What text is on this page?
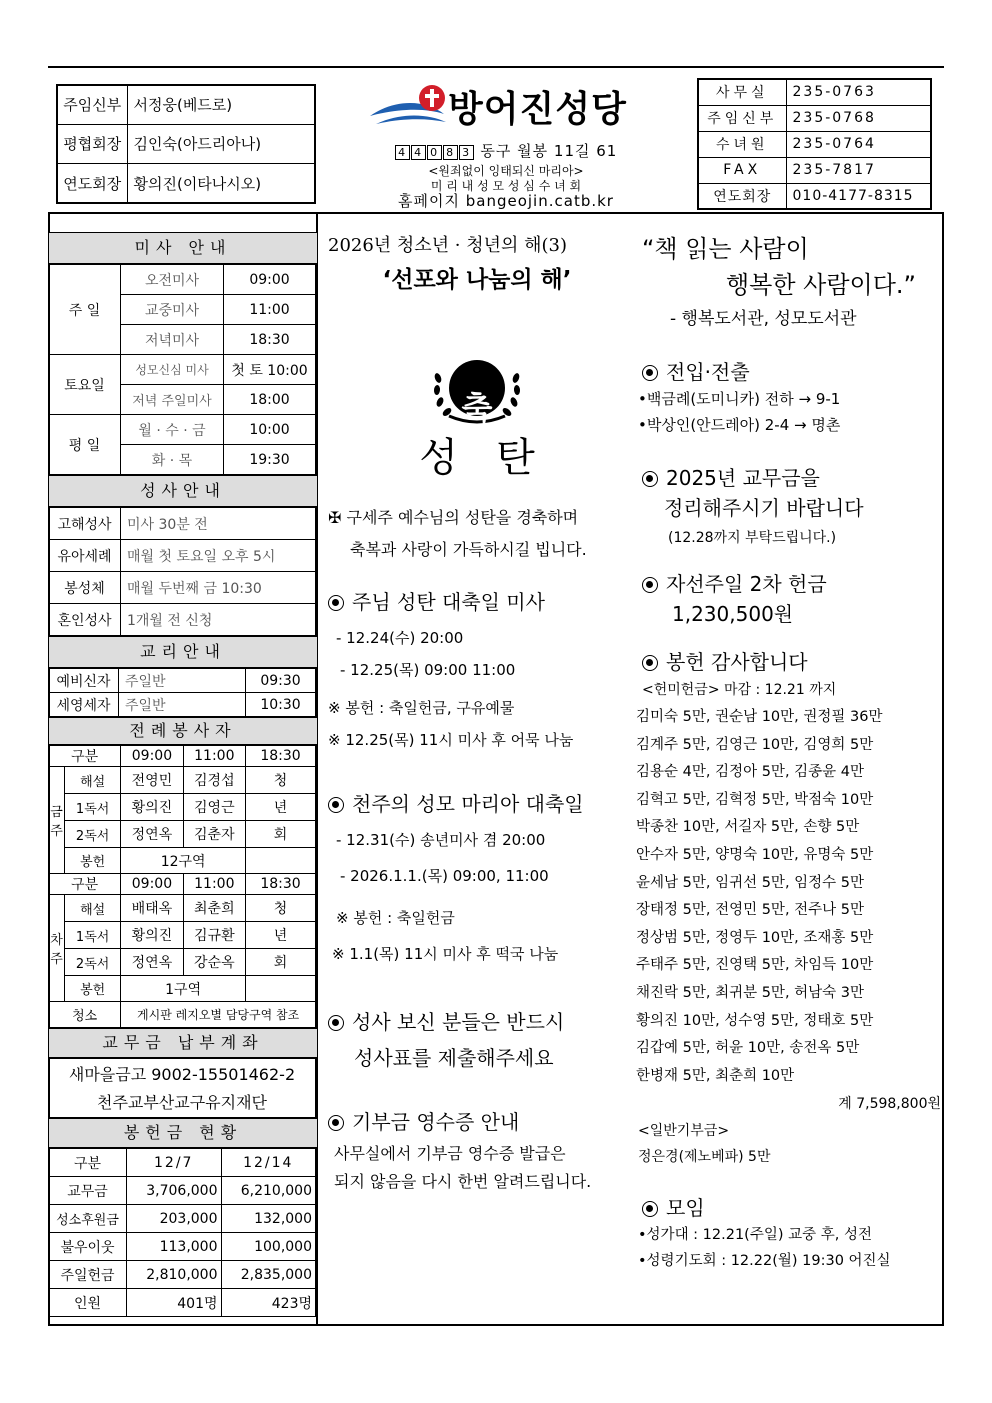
주임신부	서정웅(베드로)
평협회장	김인숙(아드리아나)
연도회장	황의진(이타나시오)
방어진성당
4 4 0 8 3 동구 월봉 11길 61
<원죄없이 잉태되신 마리아>
미 리 내 성 모 성 심 수 녀 회
홈페이지 bangeojin.catb.kr
사무실	235-0763
주임신부	235-0768
수녀원	235-0764
FAX	235-7817
연도회장	010-4177-8315
미사 안내
주 일	오전미사	09:00
	교중미사	11:00
	저녁미사	18:30
토요일	성모신심 미사	첫 토 10:00
	저녁 주일미사	18:00
평 일	월 · 수 · 금	10:00
	화 · 목	19:30
성사안내
고해성사	미사 30분 전
유아세례	매월 첫 토요일 오후 5시
봉성체	매월 두번째 금 10:30
혼인성사	1개월 전 신청
교리안내
예비신자	주일반	09:30
세영세자	주일반	10:30
전례봉사자
구분		09:00	11:00	18:30

금
주	해설	전영민	김경섭	청
	1독서	황의진	김영근	년
	2독서	정연옥	김춘자	회
	봉헌	12구역		
구분		09:00	11:00	18:30

차
주	해설	배태옥	최춘희	청
	1독서	황의진	김규환	년
	2독서	정연옥	강순옥	회
	봉헌	1구역		
청소		게시판 레지오별 담당구역 참조		
교무금 납부계좌
새마을금고 9002-15501462-2
천주교부산교구유지재단
봉헌금 현황
구분	12/7	12/14
교무금	3,706,000	6,210,000
성소후원금	203,000	132,000
불우이웃	113,000	100,000
주일헌금	2,810,000	2,835,000
인원	401명	423명
2026년 청소년 · 청년의 해(3)
‘선포와 나눔의 해’
축
성   탄
✠ 구세주 예수님의 성탄을 경축하며
축복과 사랑이 가득하시길 빕니다.
주님 성탄 대축일 미사
- 12.24(수) 20:00
- 12.25(목) 09:00 11:00
※ 봉헌 : 축일헌금, 구유예물
※ 12.25(목) 11시 미사 후 어묵 나눔
천주의 성모 마리아 대축일
- 12.31(수) 송년미사 겸 20:00
- 2026.1.1.(목) 09:00, 11:00
※ 봉헌 : 축일헌금
※ 1.1(목) 11시 미사 후 떡국 나눔
성사 보신 분들은 반드시
성사표를 제출해주세요
기부금 영수증 안내
사무실에서 기부금 영수증 발급은
되지 않음을 다시 한번 알려드립니다.
“책 읽는 사람이
행복한 사람이다.”
- 행복도서관, 성모도서관
전입·전출
•백금례(도미니카) 전하 → 9-1
•박상인(안드레아) 2-4 → 명촌
2025년 교무금을
정리해주시기 바랍니다
(12.28까지 부탁드립니다.)
자선주일 2차 헌금
1,230,500원
봉헌 감사합니다
<헌미헌금> 마감 : 12.21 까지
김미숙 5만, 권순남 10만, 권정필 36만
김계주 5만, 김영근 10만, 김영희 5만
김용순 4만, 김정아 5만, 김종윤 4만
김혁고 5만, 김혁정 5만, 박점숙 10만
박종찬 10만, 서길자 5만, 손향 5만
안수자 5만, 양명숙 10만, 유명숙 5만
윤세남 5만, 임귀선 5만, 임정수 5만
장태정 5만, 전영민 5만, 전주나 5만
정상범 5만, 정영두 10만, 조재홍 5만
주태주 5만, 진영택 5만, 차임득 10만
채진락 5만, 최귀분 5만, 허남숙 3만
황의진 10만, 성수영 5만, 정태호 5만
김갑예 5만, 허윤 10만, 송전옥 5만
한병재 5만, 최춘희 10만
계 7,598,800원
<일반기부금>
정은경(제노베파) 5만
모임
•성가대 : 12.21(주일) 교중 후, 성전
•성령기도회 : 12.22(월) 19:30 어진실
